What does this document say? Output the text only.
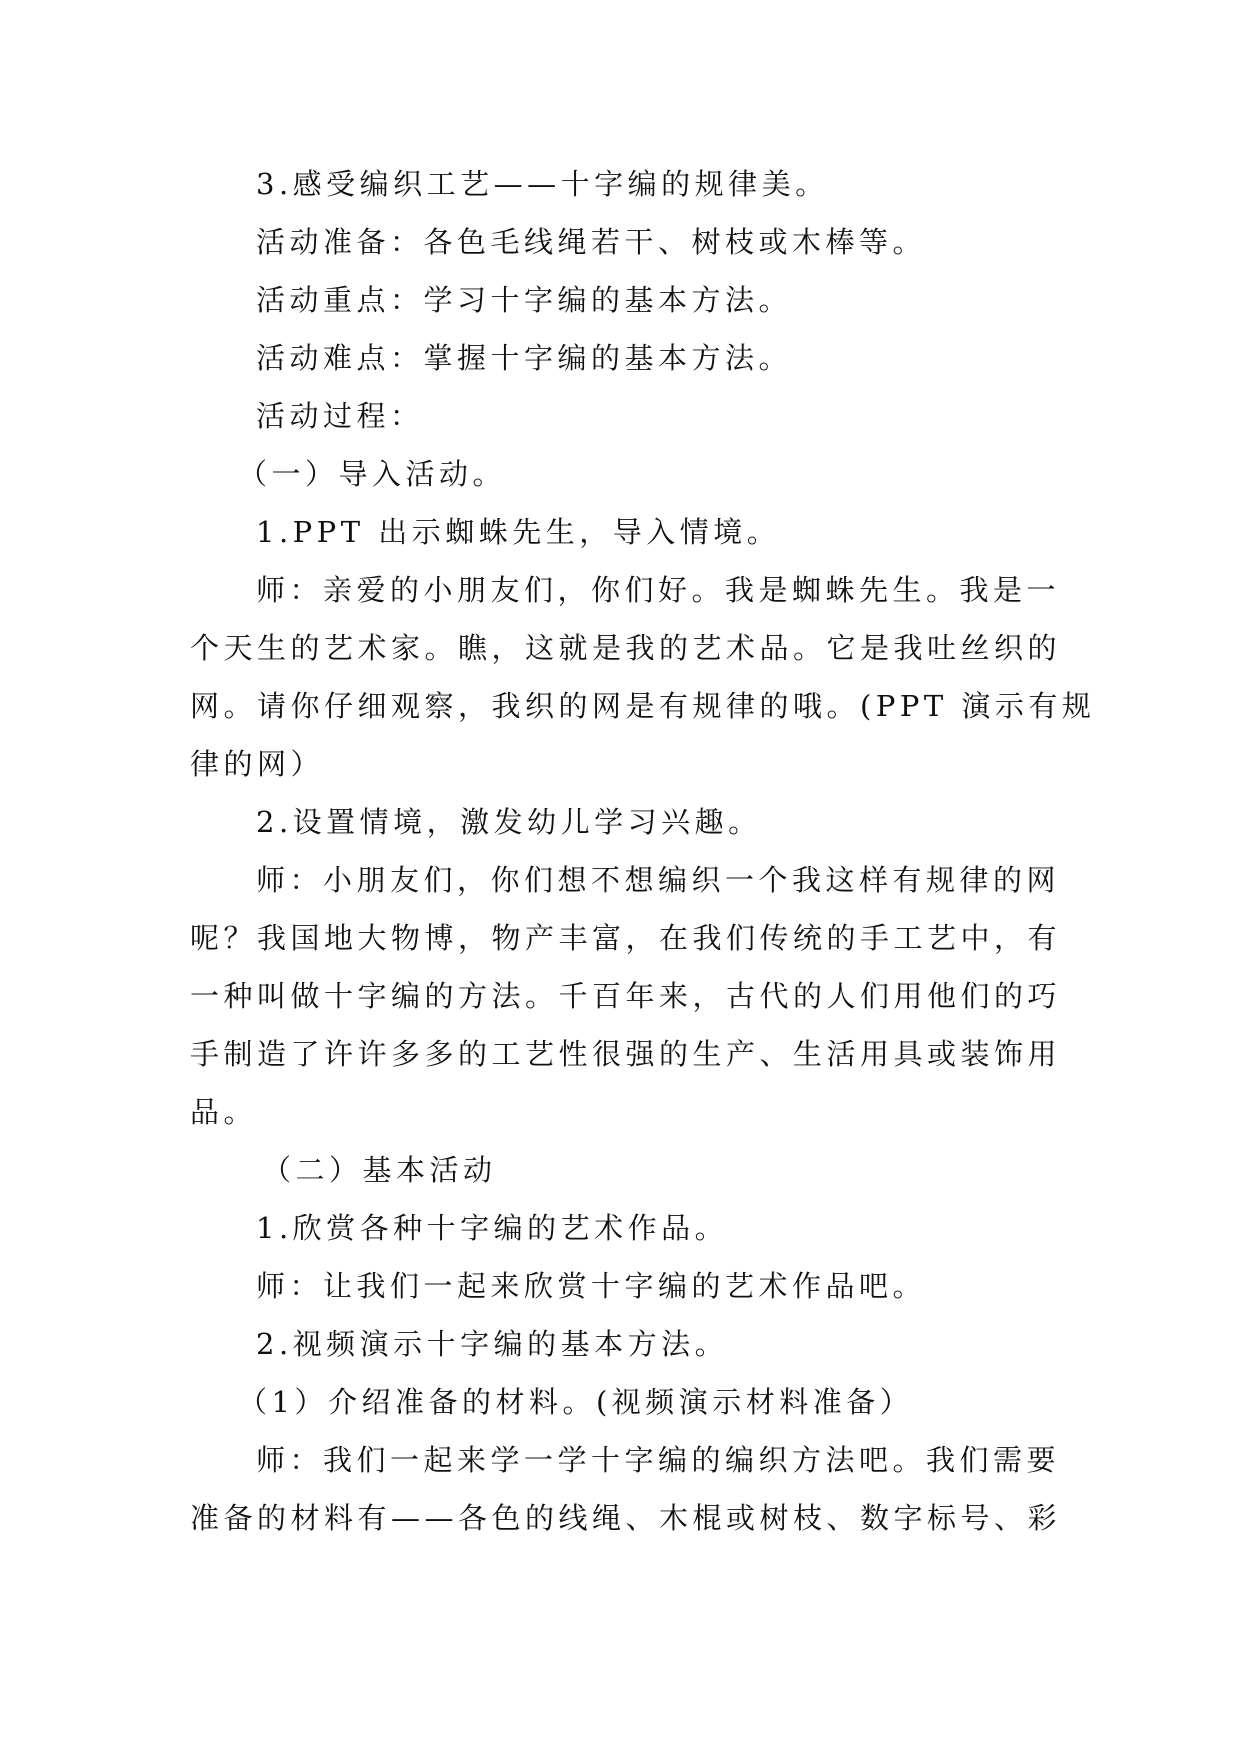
3.感受编织工艺——十字编的规律美。
活动准备：各色毛线绳若干、树枝或木棒等。
活动重点：学习十字编的基本方法。
活动难点：掌握十字编的基本方法。
活动过程：
（一）导入活动。
1.PPT 出示蜘蛛先生，导入情境。
师：亲爱的小朋友们，你们好。我是蜘蛛先生。我是一
个天生的艺术家。瞧，这就是我的艺术品。它是我吐丝织的
网。请你仔细观察，我织的网是有规律的哦。(PPT 演示有规
律的网）
2.设置情境，激发幼儿学习兴趣。
师：小朋友们，你们想不想编织一个我这样有规律的网
呢？我国地大物博，物产丰富，在我们传统的手工艺中，有
一种叫做十字编的方法。千百年来，古代的人们用他们的巧
手制造了许许多多的工艺性很强的生产、生活用具或装饰用
品。
（二）基本活动
1.欣赏各种十字编的艺术作品。
师：让我们一起来欣赏十字编的艺术作品吧。
2.视频演示十字编的基本方法。
（1）介绍准备的材料。(视频演示材料准备）
师：我们一起来学一学十字编的编织方法吧。我们需要
准备的材料有——各色的线绳、木棍或树枝、数字标号、彩
